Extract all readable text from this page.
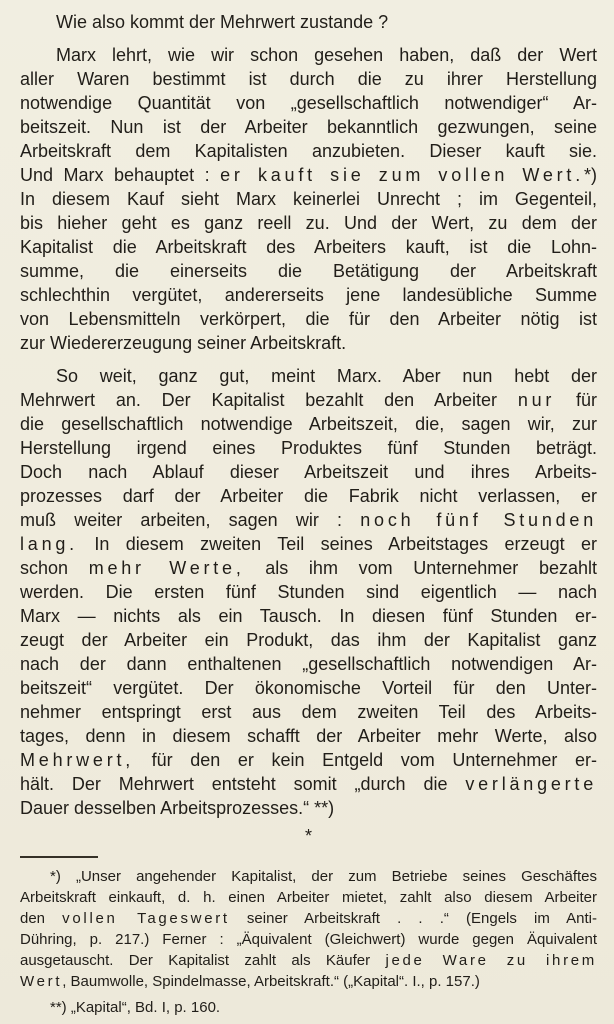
Wie also kommt der Mehrwert zustande ?
Marx lehrt, wie wir schon gesehen haben, daß der Wert
aller Waren bestimmt ist durch die zu ihrer Herstellung
notwendige Quantität von „gesellschaftlich notwendiger“ Ar-
beitszeit. Nun ist der Arbeiter bekanntlich gezwungen, seine
Arbeitskraft dem Kapitalisten anzubieten. Dieser kauft sie.
Und Marx behauptet : er kauft sie zum vollen Wert.*)
In diesem Kauf sieht Marx keinerlei Unrecht ; im Gegenteil,
bis hieher geht es ganz reell zu. Und der Wert, zu dem der
Kapitalist die Arbeitskraft des Arbeiters kauft, ist die Lohn-
summe, die einerseits die Betätigung der Arbeitskraft
schlechthin vergütet, andererseits jene landesübliche Summe
von Lebensmitteln verkörpert, die für den Arbeiter nötig ist
zur Wiedererzeugung seiner Arbeitskraft.
So weit, ganz gut, meint Marx. Aber nun hebt der
Mehrwert an. Der Kapitalist bezahlt den Arbeiter nur für
die gesellschaftlich notwendige Arbeitszeit, die, sagen wir, zur
Herstellung irgend eines Produktes fünf Stunden beträgt.
Doch nach Ablauf dieser Arbeitszeit und ihres Arbeits-
prozesses darf der Arbeiter die Fabrik nicht verlassen, er
muß weiter arbeiten, sagen wir : noch fünf Stunden
lang. In diesem zweiten Teil seines Arbeitstages erzeugt er
schon mehr Werte, als ihm vom Unternehmer bezahlt
werden. Die ersten fünf Stunden sind eigentlich — nach
Marx — nichts als ein Tausch. In diesen fünf Stunden er-
zeugt der Arbeiter ein Produkt, das ihm der Kapitalist ganz
nach der dann enthaltenen „gesellschaftlich notwendigen Ar-
beitszeit“ vergütet. Der ökonomische Vorteil für den Unter-
nehmer entspringt erst aus dem zweiten Teil des Arbeits-
tages, denn in diesem schafft der Arbeiter mehr Werte, also
Mehrwert, für den er kein Entgeld vom Unternehmer er-
hält. Der Mehrwert entsteht somit „durch die verlängerte
Dauer desselben Arbeitsprozesses.“ **)
*
*) „Unser angehender Kapitalist, der zum Betriebe seines Geschäftes
Arbeitskraft einkauft, d. h. einen Arbeiter mietet, zahlt also diesem Arbeiter
den vollen Tageswert seiner Arbeitskraft . . .“ (Engels im Anti-
Dühring, p. 217.) Ferner : „Äquivalent (Gleichwert) wurde gegen Äquivalent
ausgetauscht. Der Kapitalist zahlt als Käufer jede Ware zu ihrem
Wert, Baumwolle, Spindelmasse, Arbeitskraft.“ („Kapital“. I., p. 157.)
**) „Kapital“, Bd. I, p. 160.
